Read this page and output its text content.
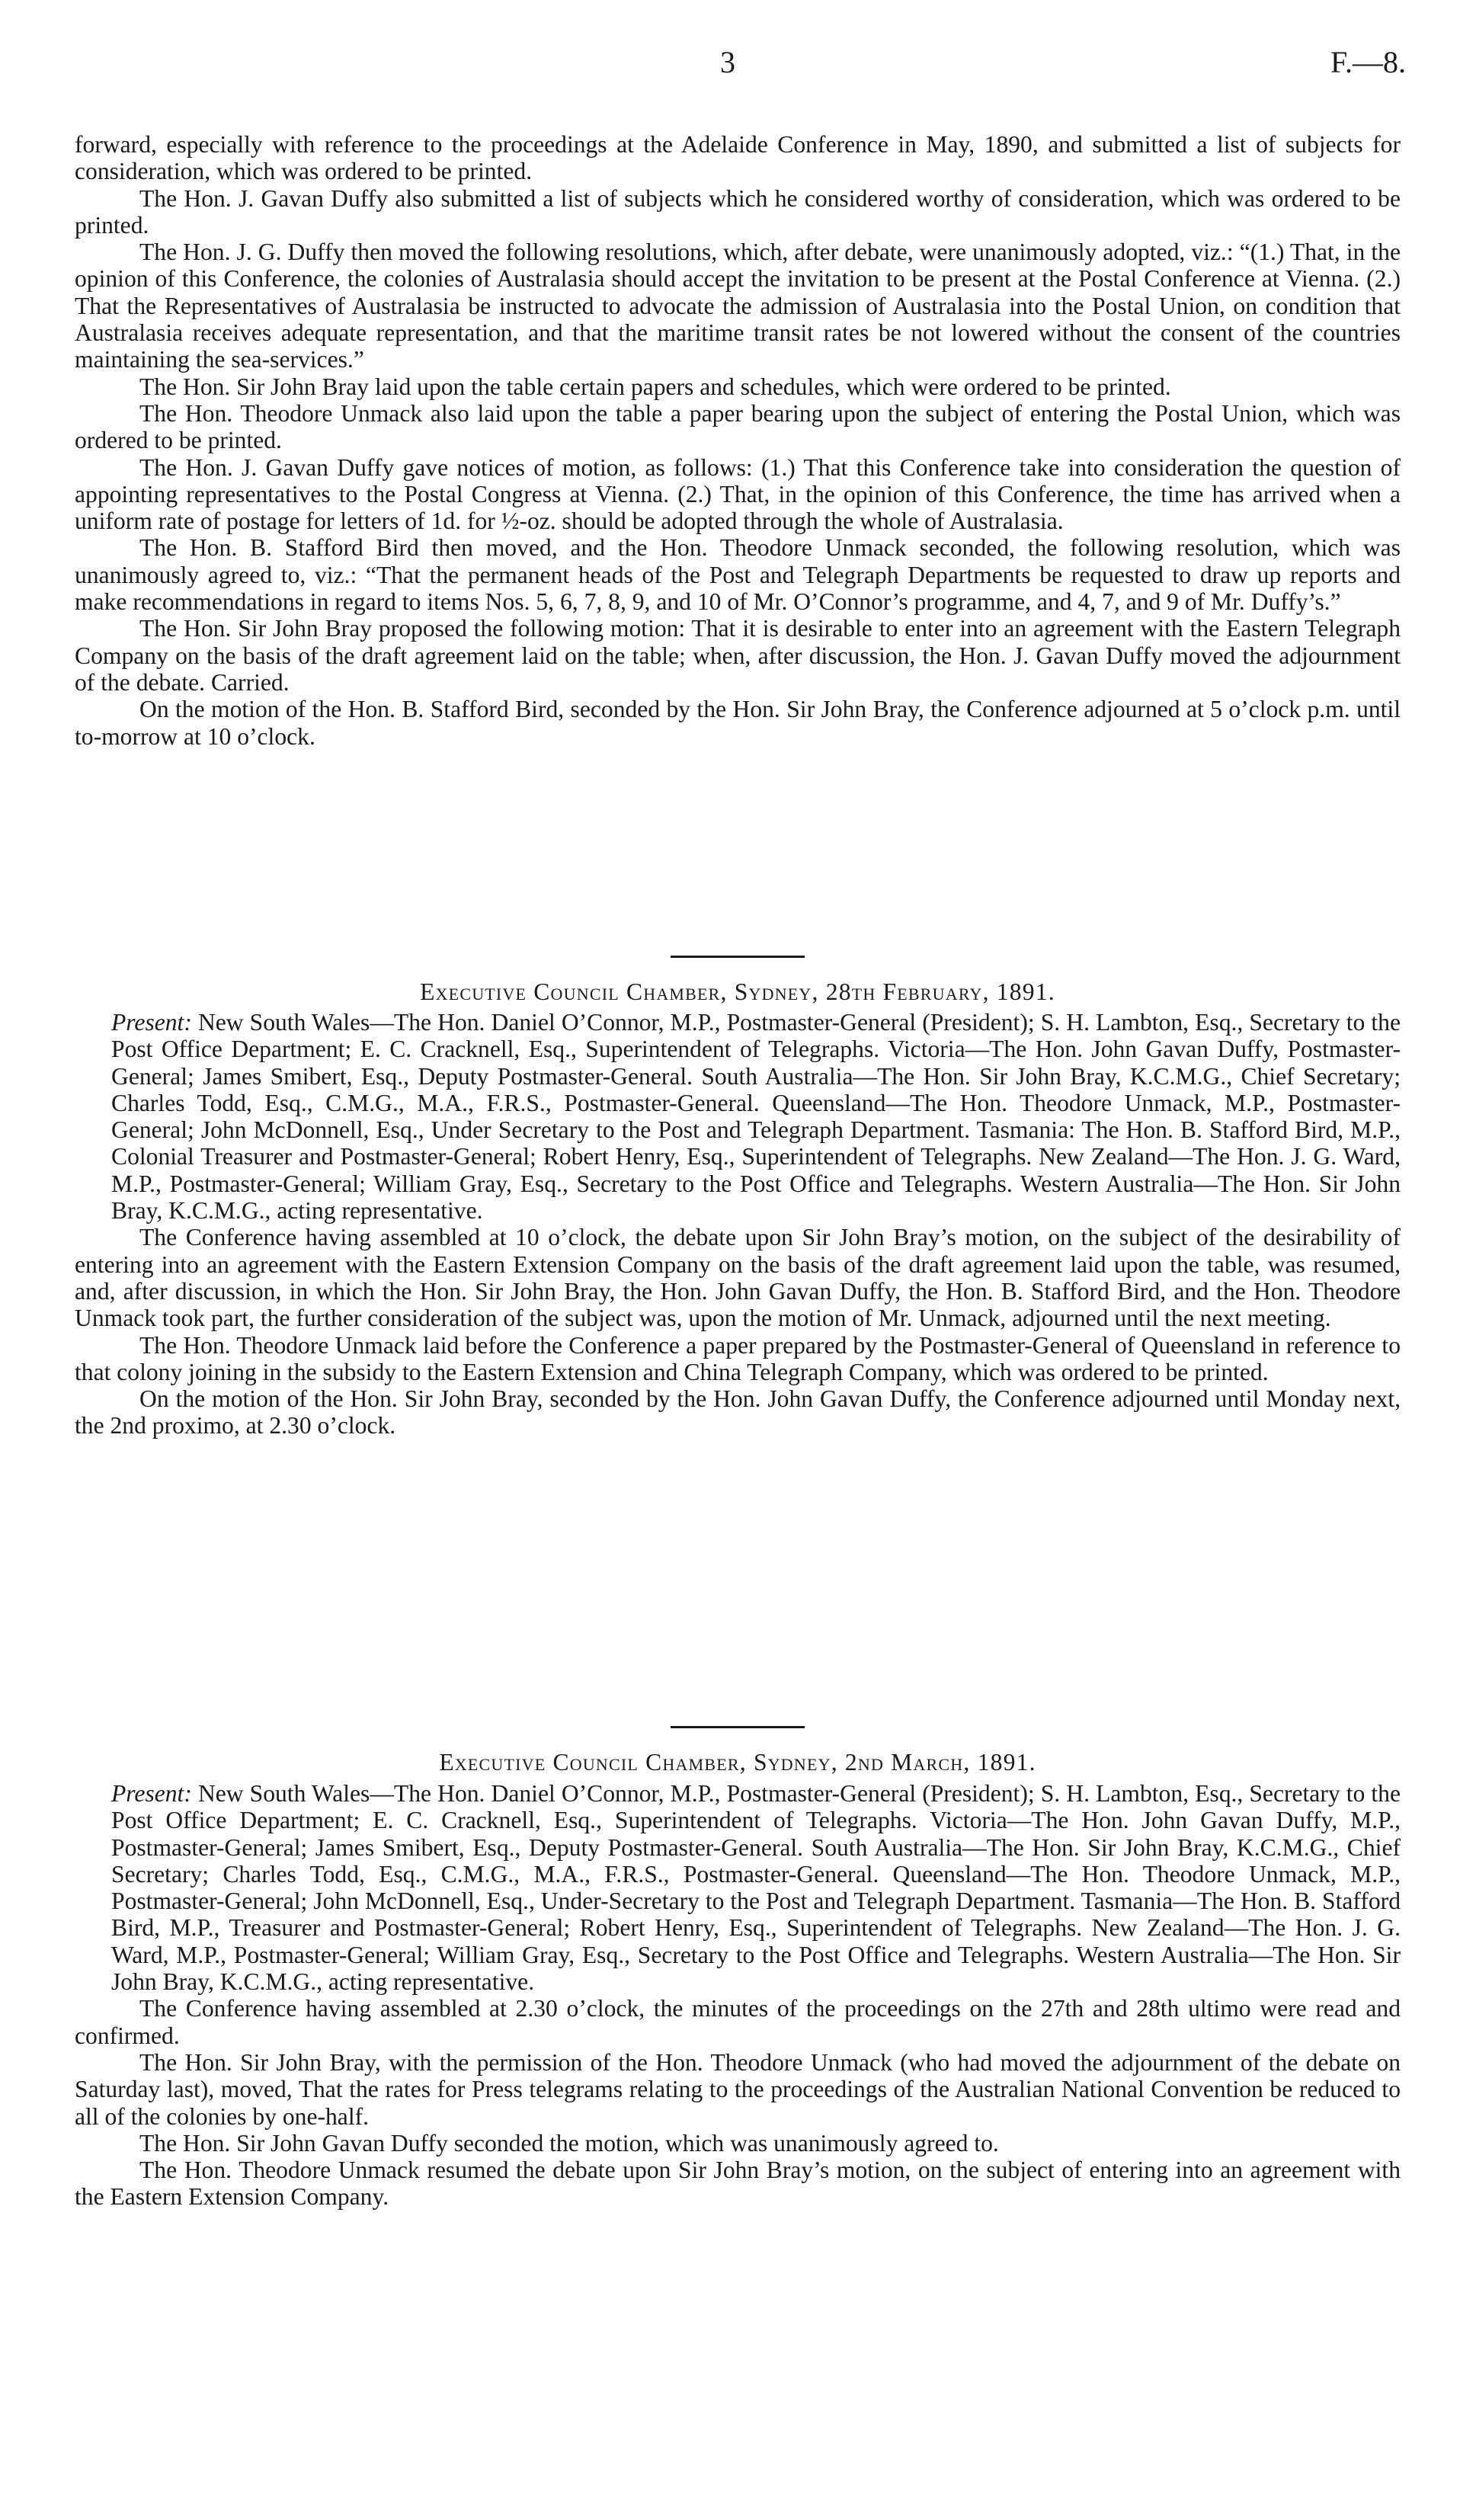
3	F.—8.

forward, especially with reference to the proceedings at the Adelaide Conference in May, 1890, and submitted a list of subjects for consideration, which was ordered to be printed.

The Hon. J. Gavan Duffy also submitted a list of subjects which he considered worthy of consideration, which was ordered to be printed.

The Hon. J. G. Duffy then moved the following resolutions, which, after debate, were unanimously adopted, viz.: “(1.) That, in the opinion of this Conference, the colonies of Australasia should accept the invitation to be present at the Postal Conference at Vienna. (2.) That the Representatives of Australasia be instructed to advocate the admission of Australasia into the Postal Union, on condition that Australasia receives adequate representation, and that the maritime transit rates be not lowered without the consent of the countries maintaining the sea-services.”

The Hon. Sir John Bray laid upon the table certain papers and schedules, which were ordered to be printed.

The Hon. Theodore Unmack also laid upon the table a paper bearing upon the subject of entering the Postal Union, which was ordered to be printed.

The Hon. J. Gavan Duffy gave notices of motion, as follows: (1.) That this Conference take into consideration the question of appointing representatives to the Postal Congress at Vienna. (2.) That, in the opinion of this Conference, the time has arrived when a uniform rate of postage for letters of 1d. for ½-oz. should be adopted through the whole of Australasia.

The Hon. B. Stafford Bird then moved, and the Hon. Theodore Unmack seconded, the following resolution, which was unanimously agreed to, viz.: “That the permanent heads of the Post and Telegraph Departments be requested to draw up reports and make recommendations in regard to items Nos. 5, 6, 7, 8, 9, and 10 of Mr. O’Connor’s programme, and 4, 7, and 9 of Mr. Duffy’s.”

The Hon. Sir John Bray proposed the following motion: That it is desirable to enter into an agreement with the Eastern Telegraph Company on the basis of the draft agreement laid on the table; when, after discussion, the Hon. J. Gavan Duffy moved the adjournment of the debate. Carried.

On the motion of the Hon. B. Stafford Bird, seconded by the Hon. Sir John Bray, the Conference adjourned at 5 o’clock p.m. until to-morrow at 10 o’clock.

Executive Council Chamber, Sydney, 28th February, 1891.

Present: New South Wales—The Hon. Daniel O’Connor, M.P., Postmaster-General (President); S. H. Lambton, Esq., Secretary to the Post Office Department; E. C. Cracknell, Esq., Superintendent of Telegraphs. Victoria—The Hon. John Gavan Duffy, Postmaster-General; James Smibert, Esq., Deputy Postmaster-General. South Australia—The Hon. Sir John Bray, K.C.M.G., Chief Secretary; Charles Todd, Esq., C.M.G., M.A., F.R.S., Postmaster-General. Queensland—The Hon. Theodore Unmack, M.P., Postmaster-General; John McDonnell, Esq., Under Secretary to the Post and Telegraph Department. Tasmania: The Hon. B. Stafford Bird, M.P., Colonial Treasurer and Postmaster-General; Robert Henry, Esq., Superintendent of Telegraphs. New Zealand—The Hon. J. G. Ward, M.P., Postmaster-General; William Gray, Esq., Secretary to the Post Office and Telegraphs. Western Australia—The Hon. Sir John Bray, K.C.M.G., acting representative.

The Conference having assembled at 10 o’clock, the debate upon Sir John Bray’s motion, on the subject of the desirability of entering into an agreement with the Eastern Extension Company on the basis of the draft agreement laid upon the table, was resumed, and, after discussion, in which the Hon. Sir John Bray, the Hon. John Gavan Duffy, the Hon. B. Stafford Bird, and the Hon. Theodore Unmack took part, the further consideration of the subject was, upon the motion of Mr. Unmack, adjourned until the next meeting.

The Hon. Theodore Unmack laid before the Conference a paper prepared by the Postmaster-General of Queensland in reference to that colony joining in the subsidy to the Eastern Extension and China Telegraph Company, which was ordered to be printed.

On the motion of the Hon. Sir John Bray, seconded by the Hon. John Gavan Duffy, the Conference adjourned until Monday next, the 2nd proximo, at 2.30 o’clock.

Executive Council Chamber, Sydney, 2nd March, 1891.

Present: New South Wales—The Hon. Daniel O’Connor, M.P., Postmaster-General (President); S. H. Lambton, Esq., Secretary to the Post Office Department; E. C. Cracknell, Esq., Superintendent of Telegraphs. Victoria—The Hon. John Gavan Duffy, M.P., Postmaster-General; James Smibert, Esq., Deputy Postmaster-General. South Australia—The Hon. Sir John Bray, K.C.M.G., Chief Secretary; Charles Todd, Esq., C.M.G., M.A., F.R.S., Postmaster-General. Queensland—The Hon. Theodore Unmack, M.P., Postmaster-General; John McDonnell, Esq., Under-Secretary to the Post and Telegraph Department. Tasmania—The Hon. B. Stafford Bird, M.P., Treasurer and Postmaster-General; Robert Henry, Esq., Superintendent of Telegraphs. New Zealand—The Hon. J. G. Ward, M.P., Postmaster-General; William Gray, Esq., Secretary to the Post Office and Telegraphs. Western Australia—The Hon. Sir John Bray, K.C.M.G., acting representative.

The Conference having assembled at 2.30 o’clock, the minutes of the proceedings on the 27th and 28th ultimo were read and confirmed.

The Hon. Sir John Bray, with the permission of the Hon. Theodore Unmack (who had moved the adjournment of the debate on Saturday last), moved, That the rates for Press telegrams relating to the proceedings of the Australian National Convention be reduced to all of the colonies by one-half.

The Hon. Sir John Gavan Duffy seconded the motion, which was unanimously agreed to.

The Hon. Theodore Unmack resumed the debate upon Sir John Bray’s motion, on the subject of entering into an agreement with the Eastern Extension Company.
